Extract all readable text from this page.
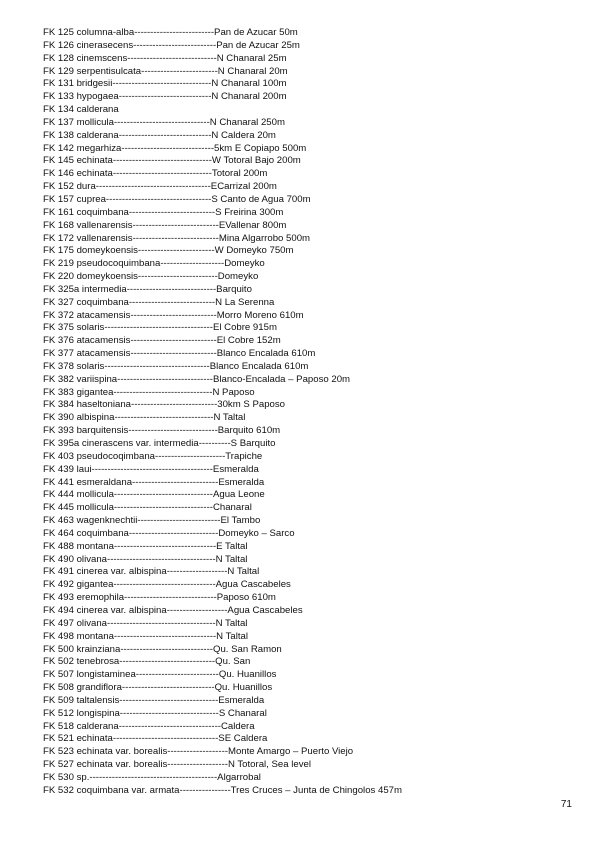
FK 125 columna-alba-------------------------Pan de Azucar 50m
FK 126 cinerasecens--------------------------Pan de Azucar 25m
FK 128 cinemscens----------------------------N Chanaral 25m
FK 129 serpentisulcata------------------------N Chanaral 20m
FK 131 bridgesii-------------------------------N Chanaral 100m
FK 133 hypogaea-----------------------------N Chanaral 200m
FK 134 calderana
FK 137 mollicula------------------------------N Chanaral 250m
FK 138 calderana-----------------------------N Caldera 20m
FK 142 megarhiza-----------------------------5km E Copiapo 500m
FK 145 echinata-------------------------------W Totoral Bajo 200m
FK 146 echinata-------------------------------Totoral 200m
FK 152 dura------------------------------------ECarrizal 200m
FK 157 cuprea---------------------------------S Canto de Agua 700m
FK 161 coquimbana---------------------------S Freirina 300m
FK 168 vallenarensis---------------------------EVallenar 800m
FK 172 vallenarensis---------------------------Mina Algarrobo 500m
FK 175 domeykoensis------------------------W Domeyko 750m
FK 219 pseudocoquimbana--------------------Domeyko
FK 220 domeykoensis-------------------------Domeyko
FK 325a intermedia----------------------------Barquito
FK 327 coquimbana---------------------------N La Serenna
FK 372 atacamensis---------------------------Morro Moreno 610m
FK 375 solaris----------------------------------El Cobre 915m
FK 376 atacamensis---------------------------El Cobre 152m
FK 377 atacamensis---------------------------Blanco Encalada 610m
FK 378 solaris---------------------------------Blanco Encalada 610m
FK 382 variispina------------------------------Blanco-Encalada – Paposo 20m
FK 383 gigantea-------------------------------N Paposo
FK 384 haseltoniana---------------------------30km S Paposo
FK 390 albispina-------------------------------N Taltal
FK 393 barquitensis----------------------------Barquito 610m
FK 395a cinerascens var. intermedia----------S Barquito
FK 403 pseudocoqimbana----------------------Trapiche
FK 439 laui--------------------------------------Esmeralda
FK 441 esmeraldana---------------------------Esmeralda
FK 444 mollicula-------------------------------Agua Leone
FK 445 mollicula-------------------------------Chanaral
FK 463 wagenknechtii--------------------------El Tambo
FK 464 coquimbana----------------------------Domeyko – Sarco
FK 488 montana--------------------------------E Taltal
FK 490 olivana----------------------------------N Taltal
FK 491 cinerea var. albispina-------------------N Taltal
FK 492 gigantea--------------------------------Agua Cascabeles
FK 493 eremophila-----------------------------Paposo 610m
FK 494 cinerea var. albispina-------------------Agua Cascabeles
FK 497 olivana----------------------------------N Taltal
FK 498 montana--------------------------------N Taltal
FK 500 krainziana-----------------------------Qu. San Ramon
FK 502 tenebrosa------------------------------Qu. San
FK 507 longistaminea--------------------------Qu. Huanillos
FK 508 grandiflora-----------------------------Qu. Huanillos
FK 509 taltalensis-------------------------------Esmeralda
FK 512 longispina-------------------------------S Chanaral
FK 518 calderana--------------------------------Caldera
FK 521 echinata---------------------------------SE Caldera
FK 523 echinata var. borealis-------------------Monte Amargo – Puerto Viejo
FK 527 echinata var. borealis-------------------N Totoral, Sea level
FK 530 sp.----------------------------------------Algarrobal
FK 532 coquimbana var. armata----------------Tres Cruces – Junta de Chingolos 457m
71
